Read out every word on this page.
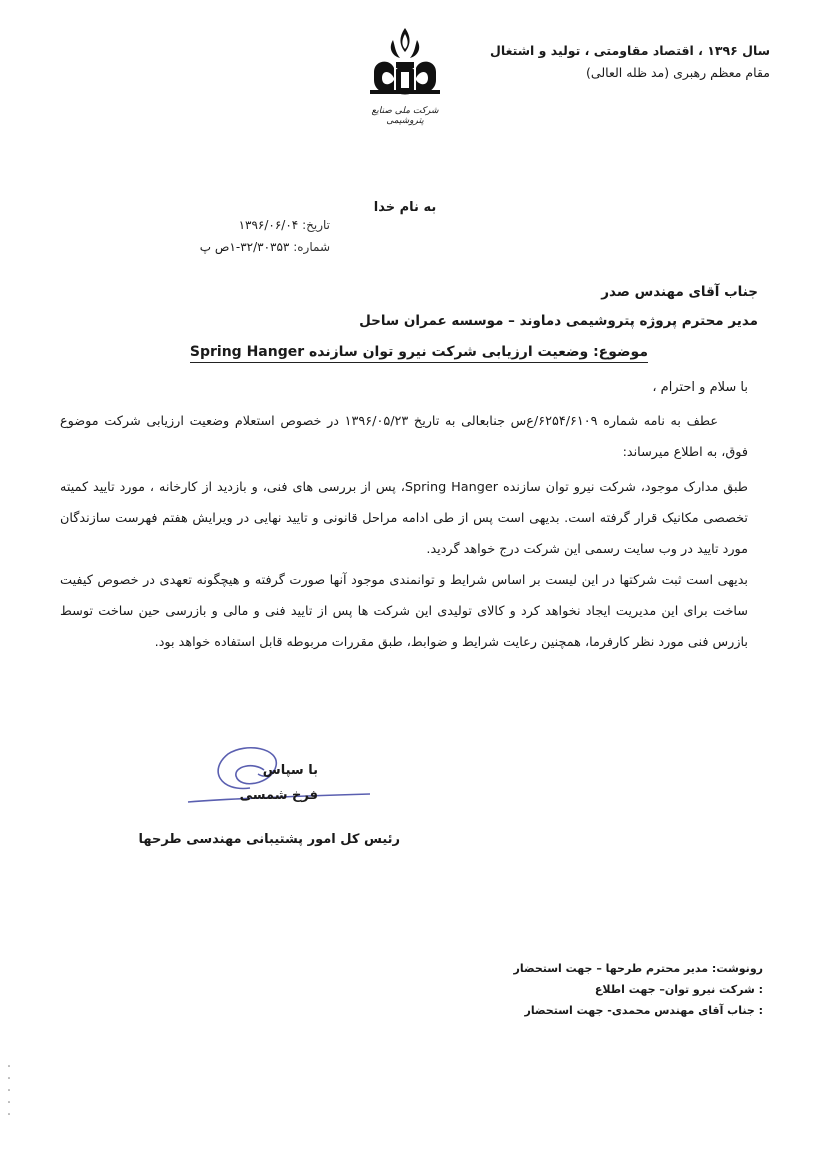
سال ۱۳۹۶ ، اقتصاد مقاومتی ، تولید و اشتغال
مقام معظم رهبری (مد ظله العالی)
شرکت ملی صنایع پتروشیمی
به نام خدا
تاریخ: ۱۳۹۶/۰۶/۰۴
شماره: ۳۲/۳۰۳۵۳-۱ص پ
جناب آقای مهندس صدر
مدیر محترم پروژه پتروشیمی دماوند – موسسه عمران ساحل
موضوع: وضعیت ارزیابی شرکت نیرو توان سازنده Spring Hanger
با سلام و احترام ،
عطف به نامه شماره ۶۲۵۴/۶۱۰۹/ع‌س جنابعالی به تاریخ ۱۳۹۶/۰۵/۲۳ در خصوص استعلام وضعیت ارزیابی شرکت موضوع فوق، به اطلاع میرساند:
طبق مدارک موجود، شرکت نیرو توان سازنده Spring Hanger، پس از بررسی های فنی، و بازدید از کارخانه ، مورد تایید کمیته تخصصی مکانیک قرار گرفته است. بدیهی است پس از طی ادامه مراحل قانونی و تایید نهایی در ویرایش هفتم فهرست سازندگان مورد تایید در وب سایت رسمی این شرکت درج خواهد گردید.
بدیهی است ثبت شرکتها در این لیست بر اساس شرایط و توانمندی موجود آنها صورت گرفته و هیچگونه تعهدی در خصوص کیفیت ساخت برای این مدیریت ایجاد نخواهد کرد و کالای تولیدی این شرکت ها پس از تایید فنی و مالی و بازرسی حین ساخت توسط بازرس فنی مورد نظر کارفرما، همچنین رعایت شرایط و ضوابط، طبق مقررات مربوطه قابل استفاده خواهد بود.
با سپاس
فرخ شمسی
رئیس کل امور پشتیبانی مهندسی طرحها
رونوشت: مدیر محترم طرحها – جهت استحضار
: شرکت نیرو توان– جهت اطلاع
: جناب آقای مهندس محمدی- جهت استحضار
